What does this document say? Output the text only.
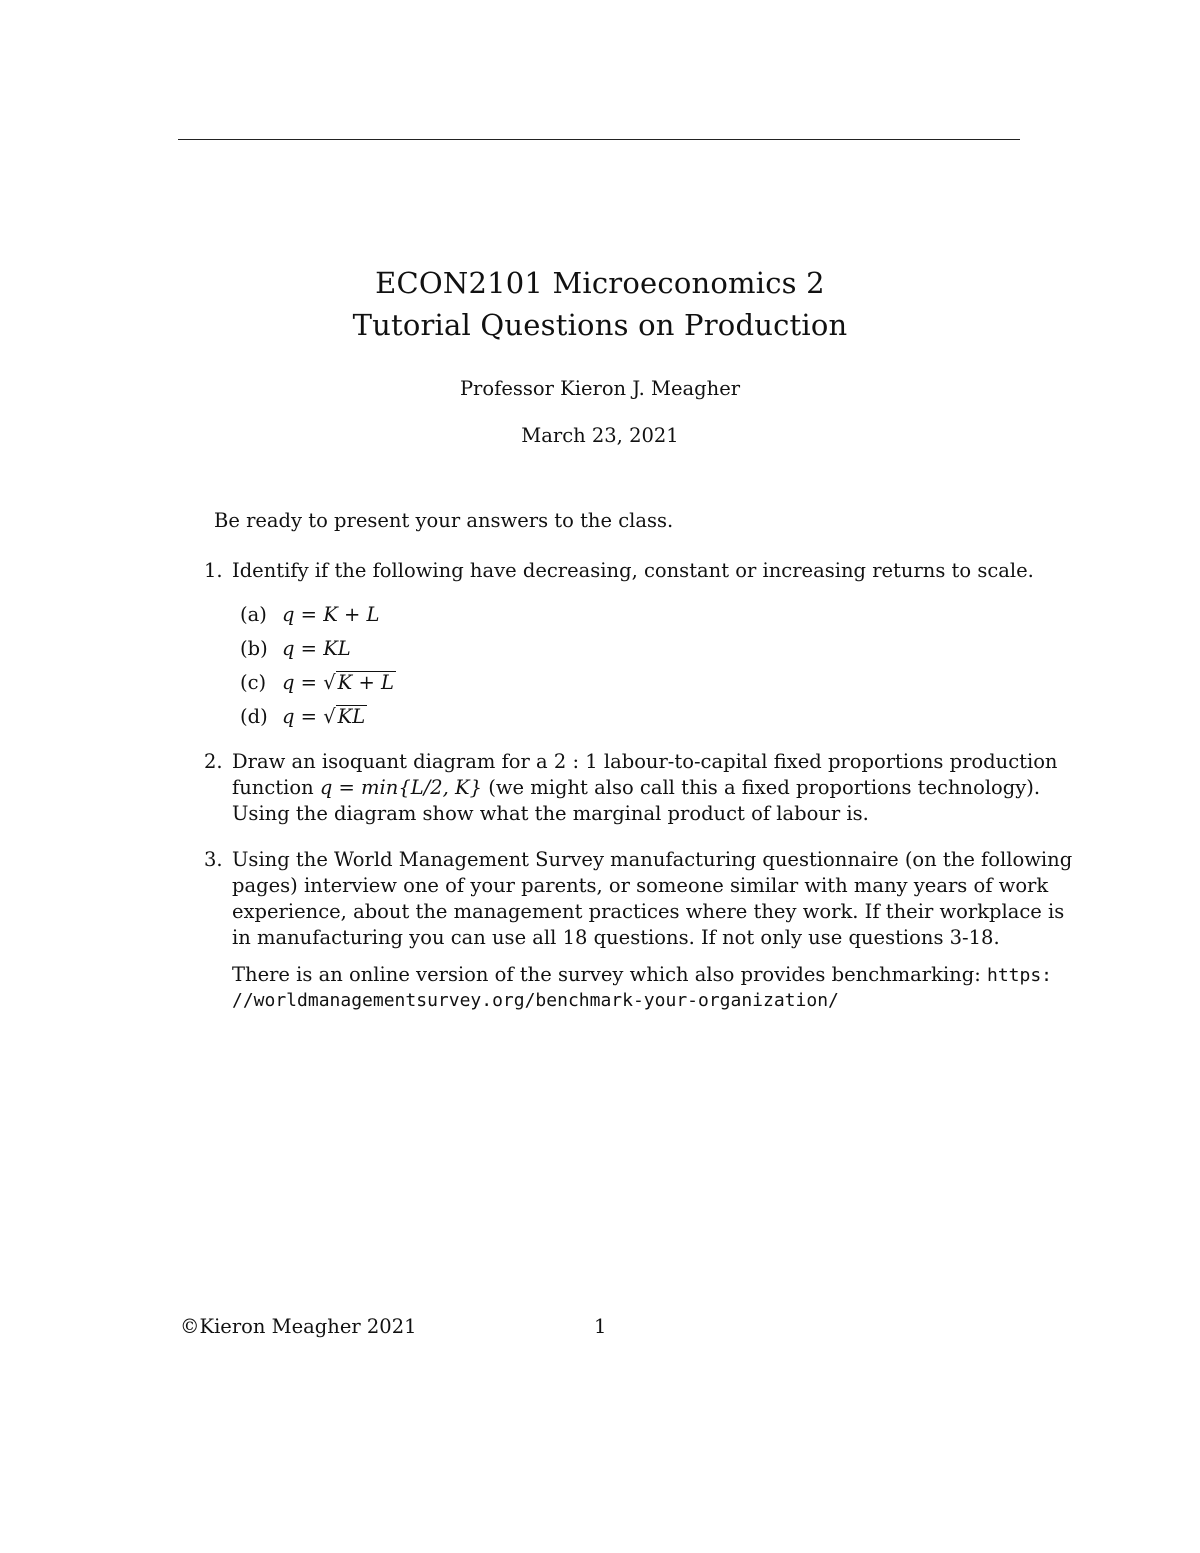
ECON2101 Microeconomics 2
Tutorial Questions on Production
Professor Kieron J. Meagher
March 23, 2021
Be ready to present your answers to the class.
1. Identify if the following have decreasing, constant or increasing returns to scale.
(a) q = K + L
(b) q = KL
(c) q = √ K + L
(d) q = √ KL
2. Draw an isoquant diagram for a 2 : 1 labour-to-capital fixed proportions production
function q = min{L/2, K} (we might also call this a fixed proportions technology).
Using the diagram show what the marginal product of labour is.
3. Using the World Management Survey manufacturing questionnaire (on the following
pages) interview one of your parents, or someone similar with many years of work
experience, about the management practices where they work. If their workplace is
in manufacturing you can use all 18 questions. If not only use questions 3-18.
There is an online version of the survey which also provides benchmarking: https:
//worldmanagementsurvey.org/benchmark-your-organization/
©Kieron Meagher 2021	1
